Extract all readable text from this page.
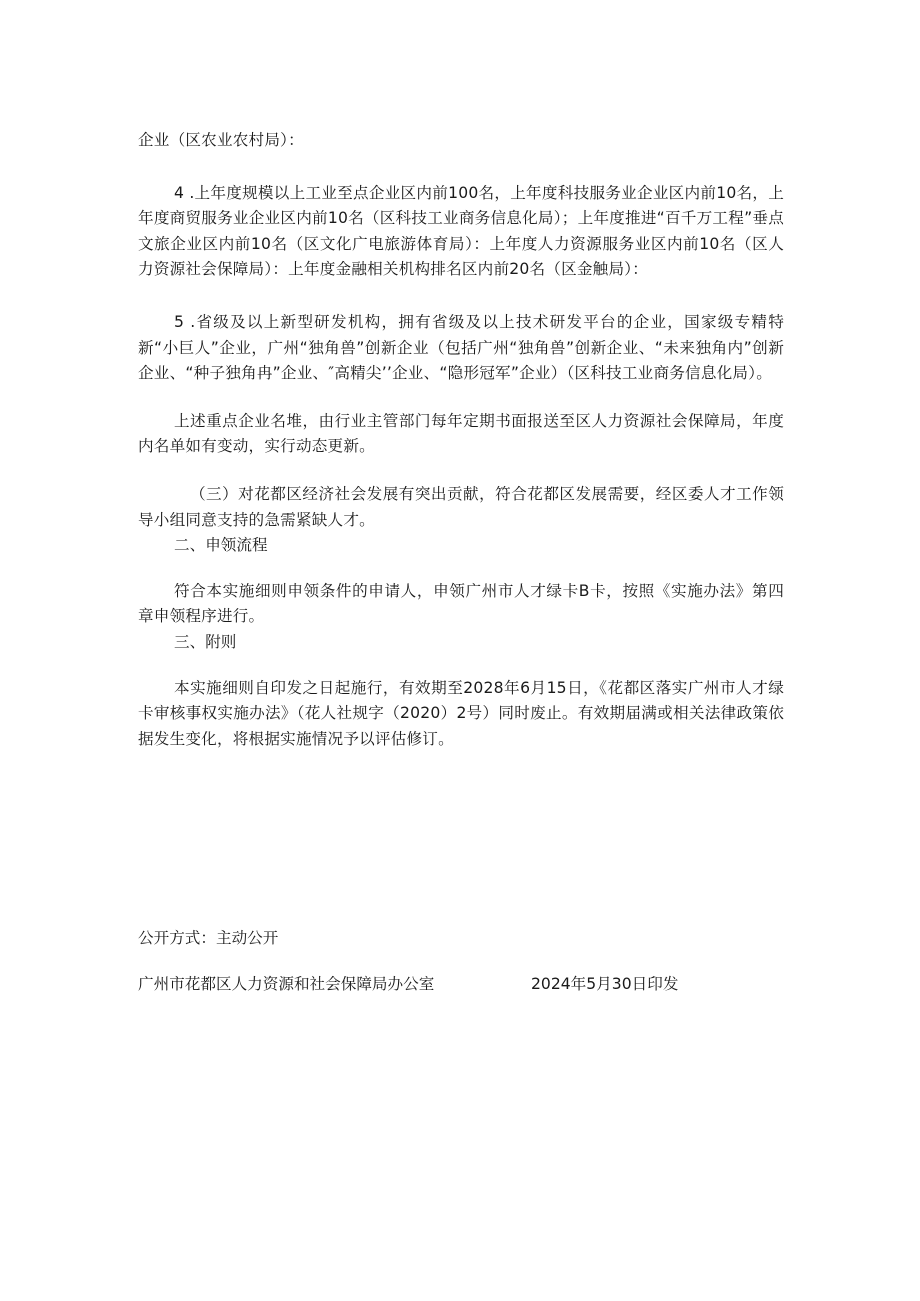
企业（区农业农村局）：

4 .上年度规模以上工业至点企业区内前100名，上年度科技服务业企业区内前10名，上年度商贸服务业企业区内前10名（区科技工业商务信息化局）；上年度推进“百千万工程”垂点文旅企业区内前10名（区文化广电旅游体育局）：上年度人力资源服务业区内前10名（区人力资源社会保障局）：上年度金融相关机构排名区内前20名（区金触局）：

5 .省级及以上新型研发机构，拥有省级及以上技术研发平台的企业，国家级专精特新“小巨人”企业，广州“独角兽”创新企业（包括广州“独角兽”创新企业、“未来独角内”创新企业、“种子独角冉”企业、″高精尖’’企业、“隐形冠军”企业）（区科技工业商务信息化局）。

上述重点企业名堆，由行业主管部门每年定期书面报送至区人力资源社会保障局，年度内名单如有变动，实行动态更新。

（三）对花都区经济社会发展有突出贡献，符合花都区发展需要，经区委人才工作领导小组同意支持的急需紧缺人才。

二、申领流程

符合本实施细则申领条件的申请人，申领广州市人才绿卡B卡，按照《实施办法》第四章申领程序进行。

三、附则

本实施细则自印发之日起施行，有效期至2028年6月15日，《花都区落实广州市人才绿卡审核事权实施办法》（花人社规字（2020）2号）同时废止。有效期届满或相关法律政策依据发生变化，将根据实施情况予以评估修订。

公开方式：主动公开

广州市花都区人力资源和社会保障局办公室	2024年5月30日印发
